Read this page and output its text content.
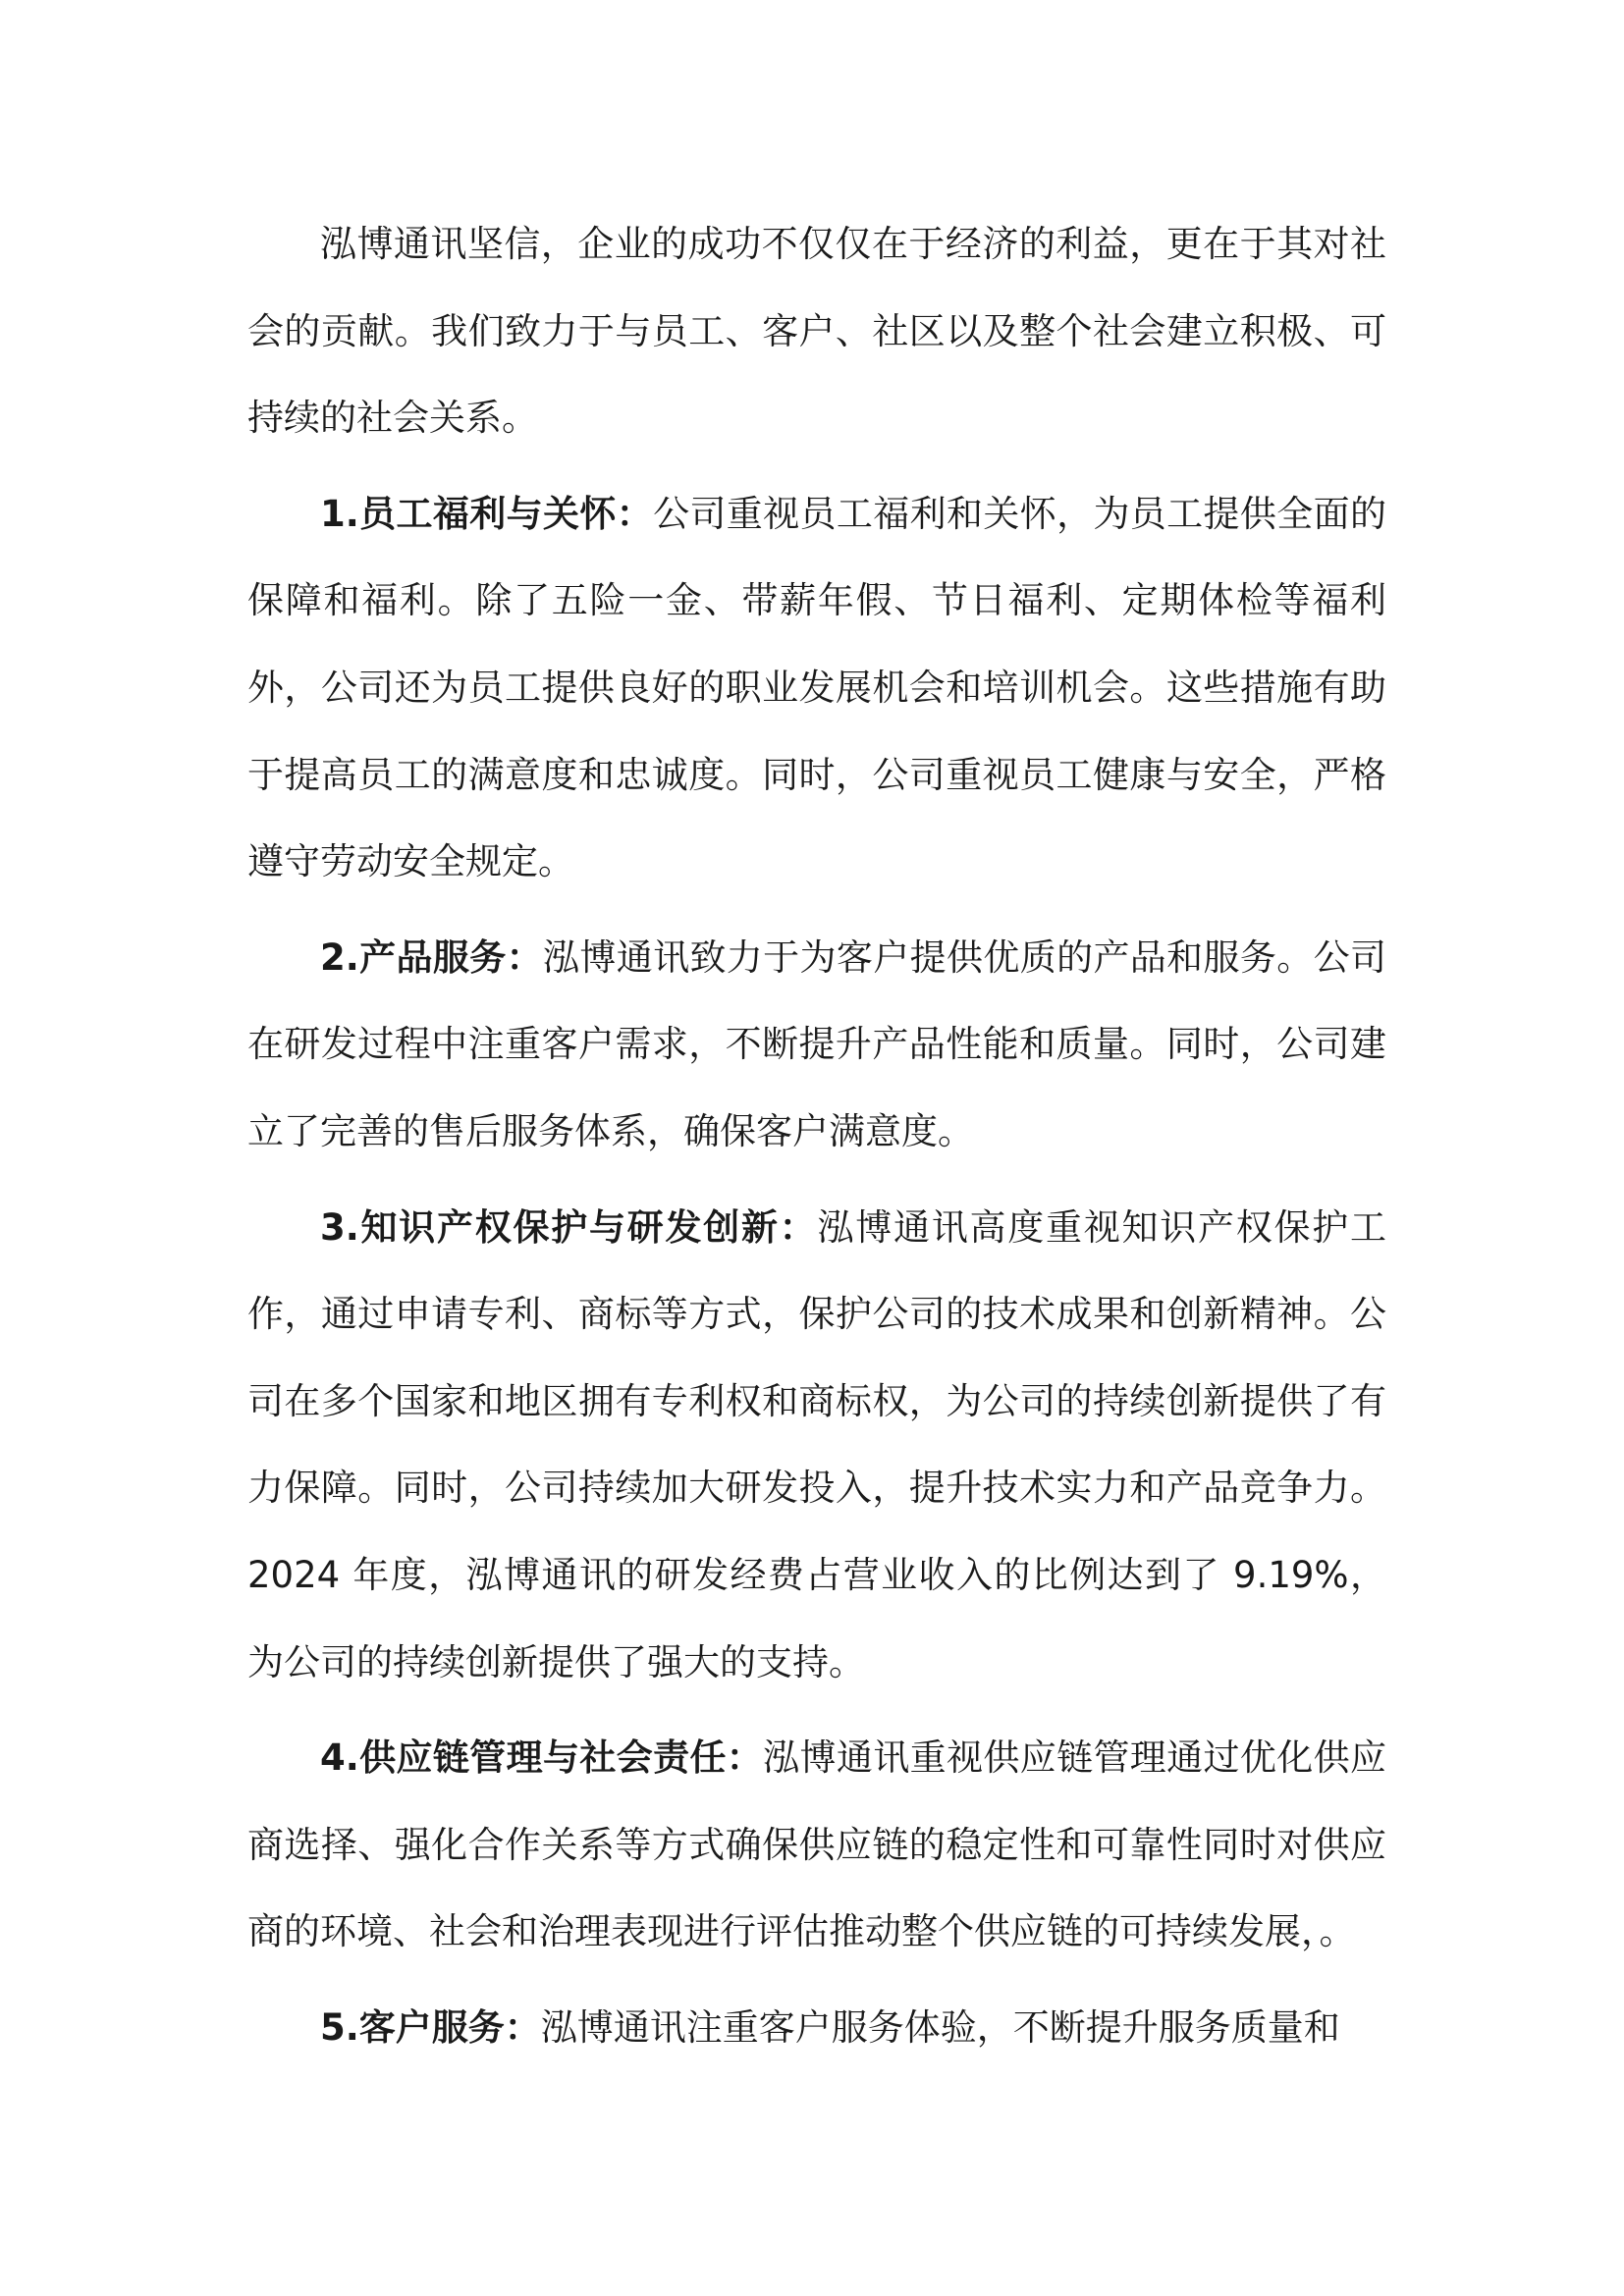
泓博通讯坚信，企业的成功不仅仅在于经济的利益，更在于其对社会的贡献。我们致力于与员工、客户、社区以及整个社会建立积极、可持续的社会关系。

1.员工福利与关怀：公司重视员工福利和关怀，为员工提供全面的保障和福利。除了五险一金、带薪年假、节日福利、定期体检等福利外，公司还为员工提供良好的职业发展机会和培训机会。这些措施有助于提高员工的满意度和忠诚度。同时，公司重视员工健康与安全，严格遵守劳动安全规定。

2.产品服务：泓博通讯致力于为客户提供优质的产品和服务。公司在研发过程中注重客户需求，不断提升产品性能和质量。同时，公司建立了完善的售后服务体系，确保客户满意度。

3.知识产权保护与研发创新：泓博通讯高度重视知识产权保护工作，通过申请专利、商标等方式，保护公司的技术成果和创新精神。公司在多个国家和地区拥有专利权和商标权，为公司的持续创新提供了有力保障。同时，公司持续加大研发投入，提升技术实力和产品竞争力。2024 年度，泓博通讯的研发经费占营业收入的比例达到了 9.19%，为公司的持续创新提供了强大的支持。

4.供应链管理与社会责任：泓博通讯重视供应链管理通过优化供应商选择、强化合作关系等方式确保供应链的稳定性和可靠性同时对供应商的环境、社会和治理表现进行评估推动整个供应链的可持续发展，。

5.客户服务：泓博通讯注重客户服务体验，不断提升服务质量和
